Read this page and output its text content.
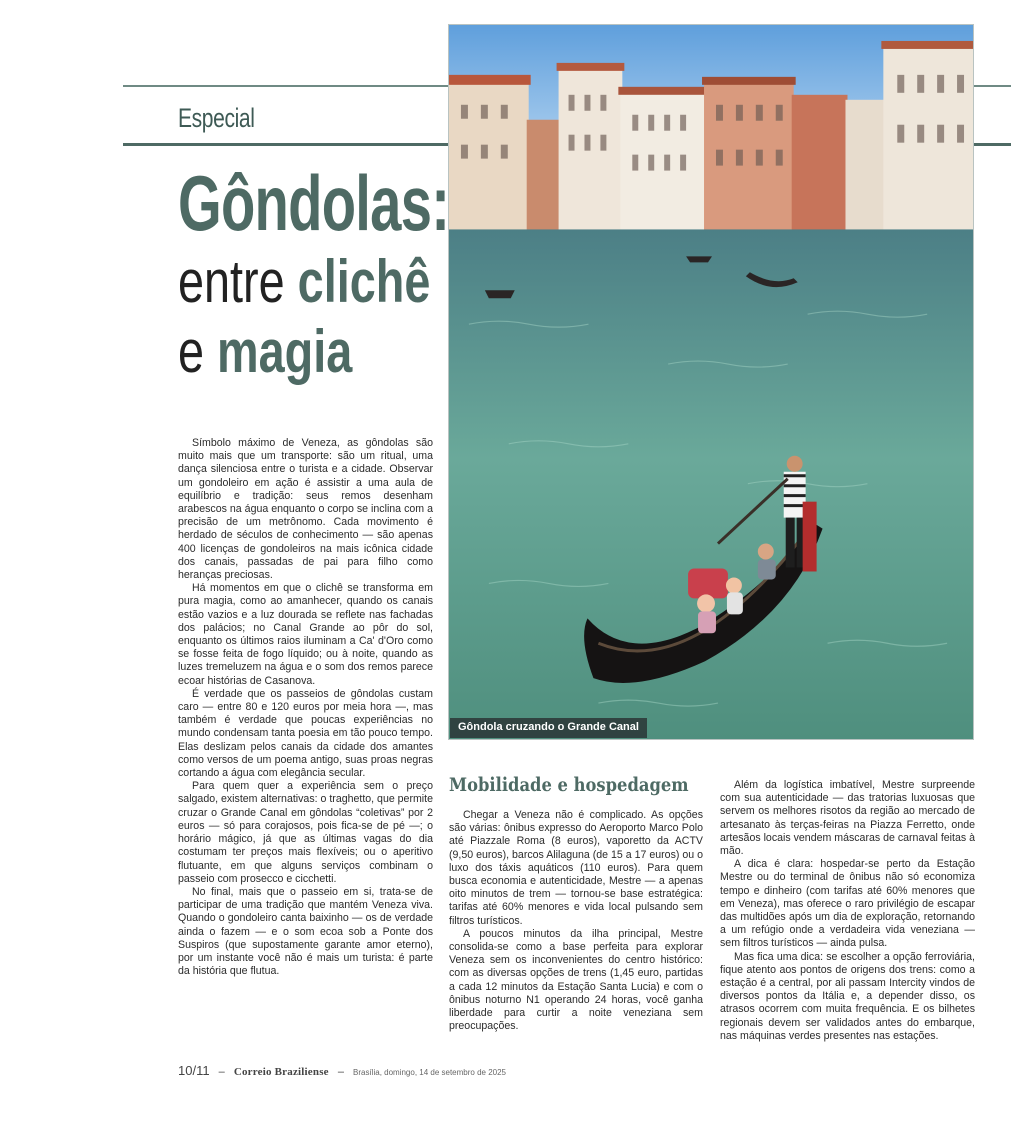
Especial
Gôndolas:
entre clichê
e magia
Gôndola cruzando o Grande Canal

Símbolo máximo de Veneza, as gôndolas são muito mais que um transporte: são um ritual, uma dança silenciosa entre o turista e a cidade. Observar um gondoleiro em ação é assistir a uma aula de equilíbrio e tradição: seus remos desenham arabescos na água enquanto o corpo se inclina com a precisão de um metrônomo. Cada movimento é herdado de séculos de conhecimento — são apenas 400 licenças de gondoleiros na mais icônica cidade dos canais, passadas de pai para filho como heranças preciosas.

Há momentos em que o clichê se transforma em pura magia, como ao amanhecer, quando os canais estão vazios e a luz dourada se reflete nas fachadas dos palácios; no Canal Grande ao pôr do sol, enquanto os últimos raios iluminam a Ca' d'Oro como se fosse feita de fogo líquido; ou à noite, quando as luzes tremeluzem na água e o som dos remos parece ecoar histórias de Casanova.

É verdade que os passeios de gôndolas custam caro — entre 80 e 120 euros por meia hora —, mas também é verdade que poucas experiências no mundo condensam tanta poesia em tão pouco tempo. Elas deslizam pelos canais da cidade dos amantes como versos de um poema antigo, suas proas negras cortando a água com elegância secular.

Para quem quer a experiência sem o preço salgado, existem alternativas: o traghetto, que permite cruzar o Grande Canal em gôndolas “coletivas” por 2 euros — só para corajosos, pois fica-se de pé —; o horário mágico, já que as últimas vagas do dia costumam ter preços mais flexíveis; ou o aperitivo flutuante, em que alguns serviços combinam o passeio com prosecco e cicchetti.

No final, mais que o passeio em si, trata-se de participar de uma tradição que mantém Veneza viva. Quando o gondoleiro canta baixinho — os de verdade ainda o fazem — e o som ecoa sob a Ponte dos Suspiros (que supostamente garante amor eterno), por um instante você não é mais um turista: é parte da história que flutua.

Mobilidade e hospedagem

Chegar a Veneza não é complicado. As opções são várias: ônibus expresso do Aeroporto Marco Polo até Piazzale Roma (8 euros), vaporetto da ACTV (9,50 euros), barcos Alilaguna (de 15 a 17 euros) ou o luxo dos táxis aquáticos (110 euros). Para quem busca economia e autenticidade, Mestre — a apenas oito minutos de trem — tornou-se base estratégica: tarifas até 60% menores e vida local pulsando sem filtros turísticos.

A poucos minutos da ilha principal, Mestre consolida-se como a base perfeita para explorar Veneza sem os inconvenientes do centro histórico: com as diversas opções de trens (1,45 euro, partidas a cada 12 minutos da Estação Santa Lucia) e com o ônibus noturno N1 operando 24 horas, você ganha liberdade para curtir a noite veneziana sem preocupações.

Além da logística imbatível, Mestre surpreende com sua autenticidade — das tratorias luxuosas que servem os melhores risotos da região ao mercado de artesanato às terças-feiras na Piazza Ferretto, onde artesãos locais vendem máscaras de carnaval feitas à mão.

A dica é clara: hospedar-se perto da Estação Mestre ou do terminal de ônibus não só economiza tempo e dinheiro (com tarifas até 60% menores que em Veneza), mas oferece o raro privilégio de escapar das multidões após um dia de exploração, retornando a um refúgio onde a verdadeira vida veneziana — sem filtros turísticos — ainda pulsa.

Mas fica uma dica: se escolher a opção ferroviária, fique atento aos pontos de origens dos trens: como a estação é a central, por ali passam Intercity vindos de diversos pontos da Itália e, a depender disso, os atrasos ocorrem com muita frequência. E os bilhetes regionais devem ser validados antes do embarque, nas máquinas verdes presentes nas estações.

10/11 – Correio Braziliense – Brasília, domingo, 14 de setembro de 2025
